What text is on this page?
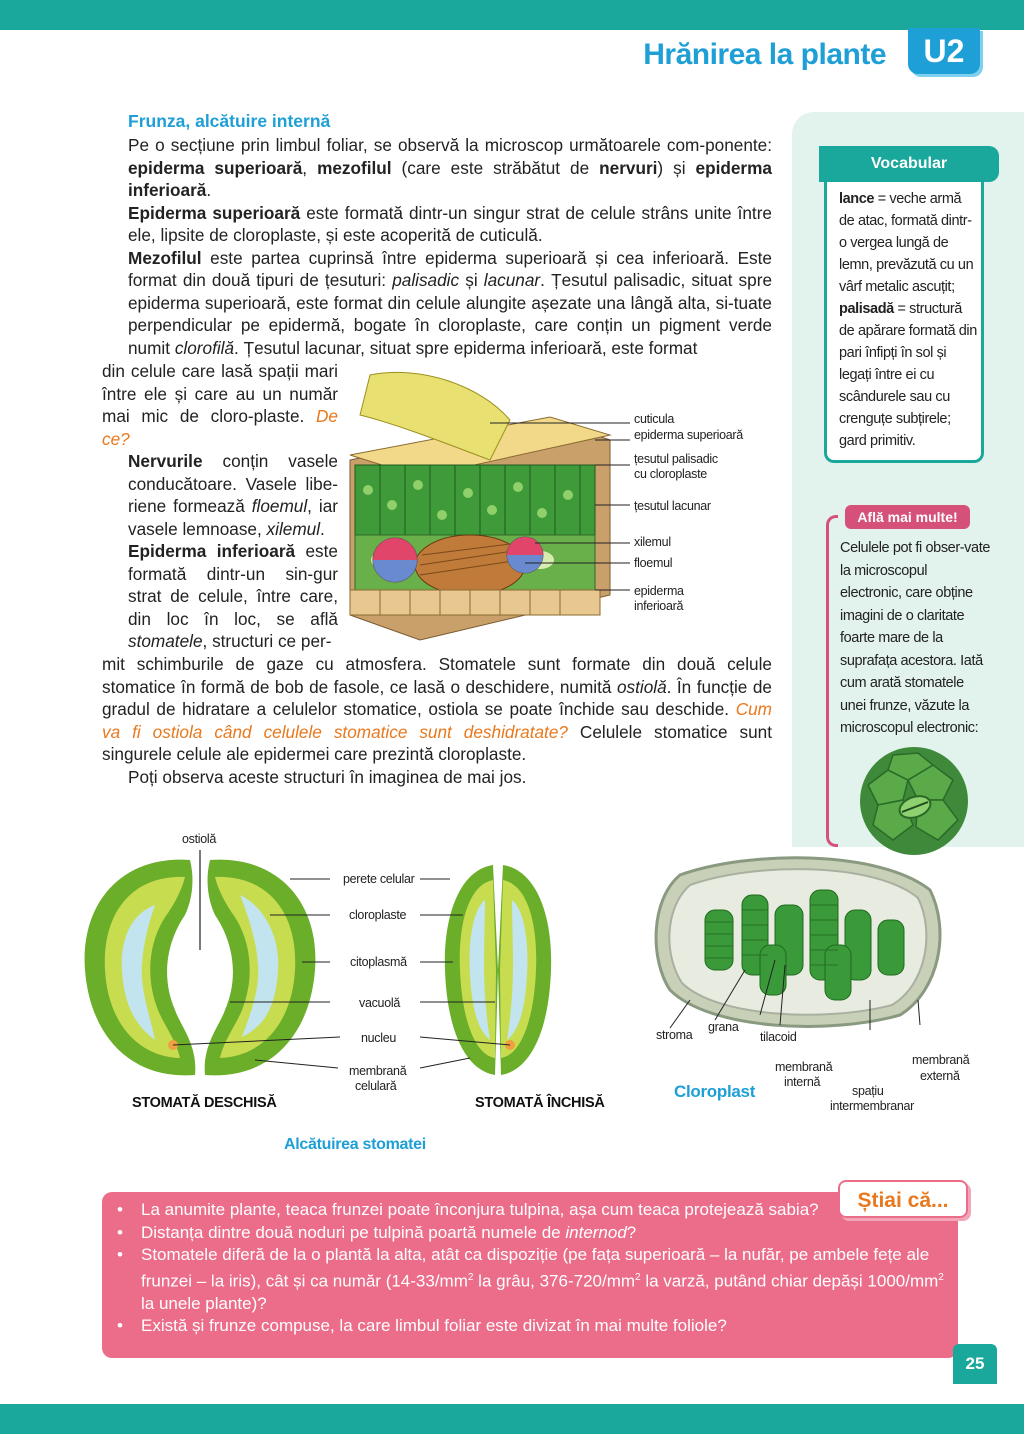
Hrănirea la plante	U2
Frunza, alcătuire internă

Pe o secțiune prin limbul foliar, se observă la microscop următoarele com-ponente: epiderma superioară, mezofilul (care este străbătut de nervuri) și epiderma inferioară.

Epiderma superioară este formată dintr-un singur strat de celule strâns unite între ele, lipsite de cloroplaste, și este acoperită de cuticulă.

Mezofilul este partea cuprinsă între epiderma superioară și cea inferioară. Este format din două tipuri de țesuturi: palisadic și lacunar. Țesutul palisadic, situat spre epiderma superioară, este format din celule alungite așezate una lângă alta, si-tuate perpendicular pe epidermă, bogate în cloroplaste, care conțin un pigment verde numit clorofilă. Țesutul lacunar, situat spre epiderma inferioară, este format

din celule care lasă spații mari între ele și care au un număr mai mic de cloro-plaste. De ce?

Nervurile conțin vasele conducătoare. Vasele libe-riene formează floemul, iar vasele lemnoase, xilemul.

Epiderma inferioară este formată dintr-un sin-gur strat de celule, între care, din loc în loc, se află stomatele, structuri ce per-

mit schimburile de gaze cu atmosfera. Stomatele sunt formate din două celule stomatice în formă de bob de fasole, ce lasă o deschidere, numită ostiolă. În funcție de gradul de hidratare a celulelor stomatice, ostiola se poate închide sau deschide. Cum va fi ostiola când celulele stomatice sunt deshidratate? Celulele stomatice sunt singurele celule ale epidermei care prezintă cloroplaste.

Poți observa aceste structuri în imaginea de mai jos.

cuticula
epiderma superioară
țesutul palisadic
cu cloroplaste
țesutul lacunar
xilemul
floemul
epiderma
inferioară
Vocabular
lance = veche armă de atac, formată dintr-o vergea lungă de lemn, prevăzută cu un vârf metalic ascuțit; palisadă = structură de apărare formată din pari înfipți în sol și legați între ei cu scândurele sau cu crenguțe subțirele; gard primitiv.
Află mai multe!
Celulele pot fi obser-vate la microscopul electronic, care obține imagini de o claritate foarte mare de la suprafața acestora. Iată cum arată stomatele unei frunze, văzute la microscopul electronic:
ostiolă
perete celular
cloroplaste
citoplasmă
vacuolă
nucleu
membrană
celulară
STOMATĂ DESCHISĂ	STOMATĂ ÎNCHISĂ
Alcătuirea stomatei
stroma
grana
tilacoid
membrană
internă
spațiu
intermembranar
membrană
externă
Cloroplast
Știai că...
• La anumite plante, teaca frunzei poate înconjura tulpina, așa cum teaca protejează sabia?
• Distanța dintre două noduri pe tulpină poartă numele de internod?
• Stomatele diferă de la o plantă la alta, atât ca dispoziție (pe fața superioară – la nufăr, pe ambele fețe ale frunzei – la iris), cât și ca număr ($14-33/mm^2$ la grâu, $376-720/mm^2$ la varză, putând chiar depăși $1000/mm^2$ la unele plante)?
• Există și frunze compuse, la care limbul foliar este divizat în mai multe foliole?
25
